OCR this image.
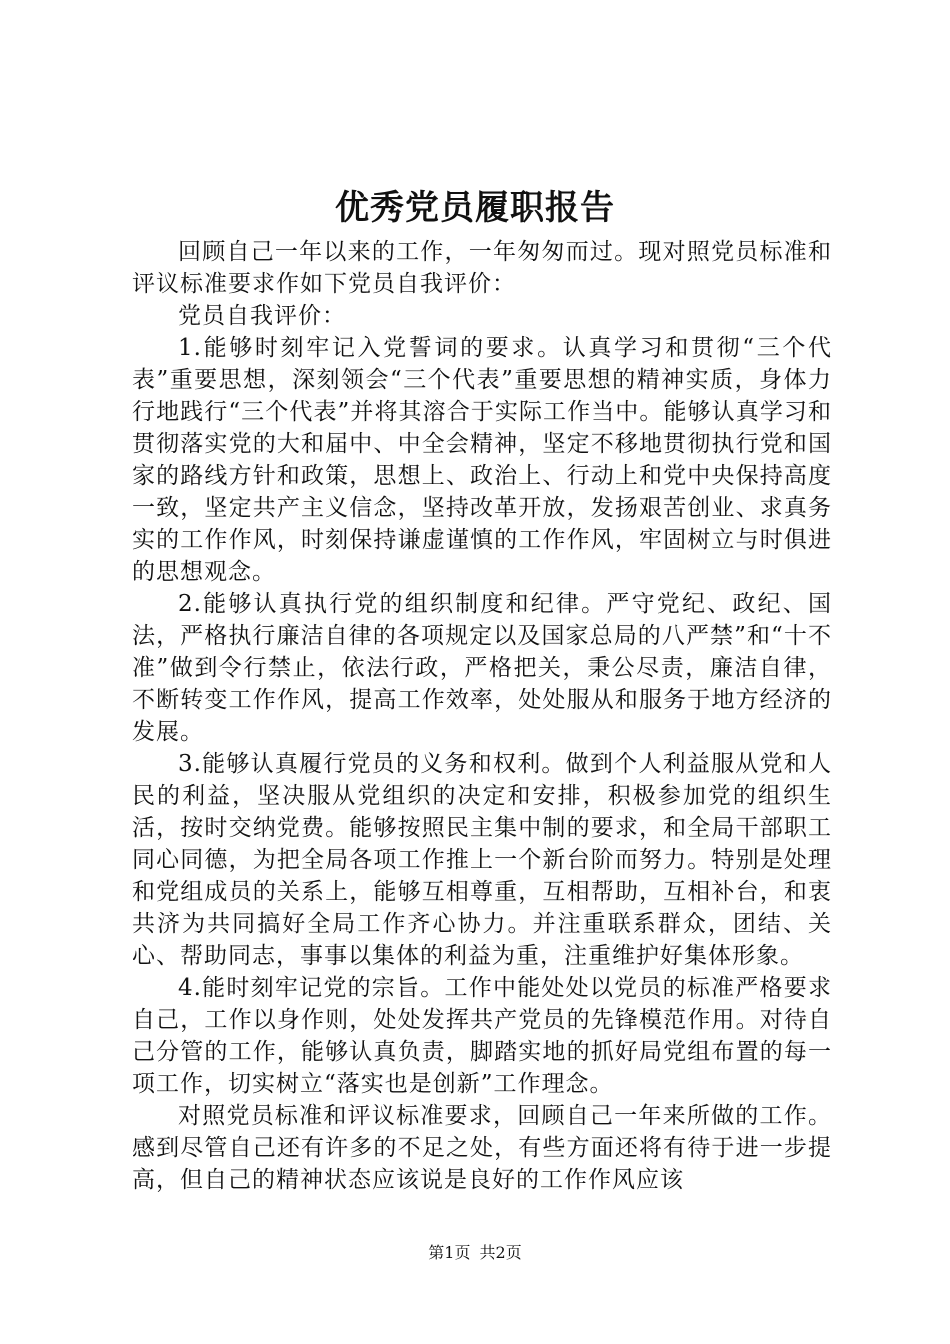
优秀党员履职报告

回顾自己一年以来的工作，一年匆匆而过。现对照党员标准和评议标准要求作如下党员自我评价：

党员自我评价：

1.能够时刻牢记入党誓词的要求。认真学习和贯彻“三个代表”重要思想，深刻领会“三个代表”重要思想的精神实质，身体力行地践行“三个代表”并将其溶合于实际工作当中。能够认真学习和贯彻落实党的大和届中、中全会精神，坚定不移地贯彻执行党和国家的路线方针和政策，思想上、政治上、行动上和党中央保持高度一致，坚定共产主义信念，坚持改革开放，发扬艰苦创业、求真务实的工作作风，时刻保持谦虚谨慎的工作作风，牢固树立与时俱进的思想观念。

2.能够认真执行党的组织制度和纪律。严守党纪、政纪、国法，严格执行廉洁自律的各项规定以及国家总局的八严禁”和“十不准”做到令行禁止，依法行政，严格把关，秉公尽责，廉洁自律，不断转变工作作风，提高工作效率，处处服从和服务于地方经济的发展。

3.能够认真履行党员的义务和权利。做到个人利益服从党和人民的利益，坚决服从党组织的决定和安排，积极参加党的组织生活，按时交纳党费。能够按照民主集中制的要求，和全局干部职工同心同德，为把全局各项工作推上一个新台阶而努力。特别是处理和党组成员的关系上，能够互相尊重，互相帮助，互相补台，和衷共济为共同搞好全局工作齐心协力。并注重联系群众，团结、关心、帮助同志，事事以集体的利益为重，注重维护好集体形象。

4.能时刻牢记党的宗旨。工作中能处处以党员的标准严格要求自己，工作以身作则，处处发挥共产党员的先锋模范作用。对待自己分管的工作，能够认真负责，脚踏实地的抓好局党组布置的每一项工作，切实树立“落实也是创新”工作理念。

对照党员标准和评议标准要求，回顾自己一年来所做的工作。感到尽管自己还有许多的不足之处，有些方面还将有待于进一步提高，但自己的精神状态应该说是良好的工作作风应该

第1页 共2页
